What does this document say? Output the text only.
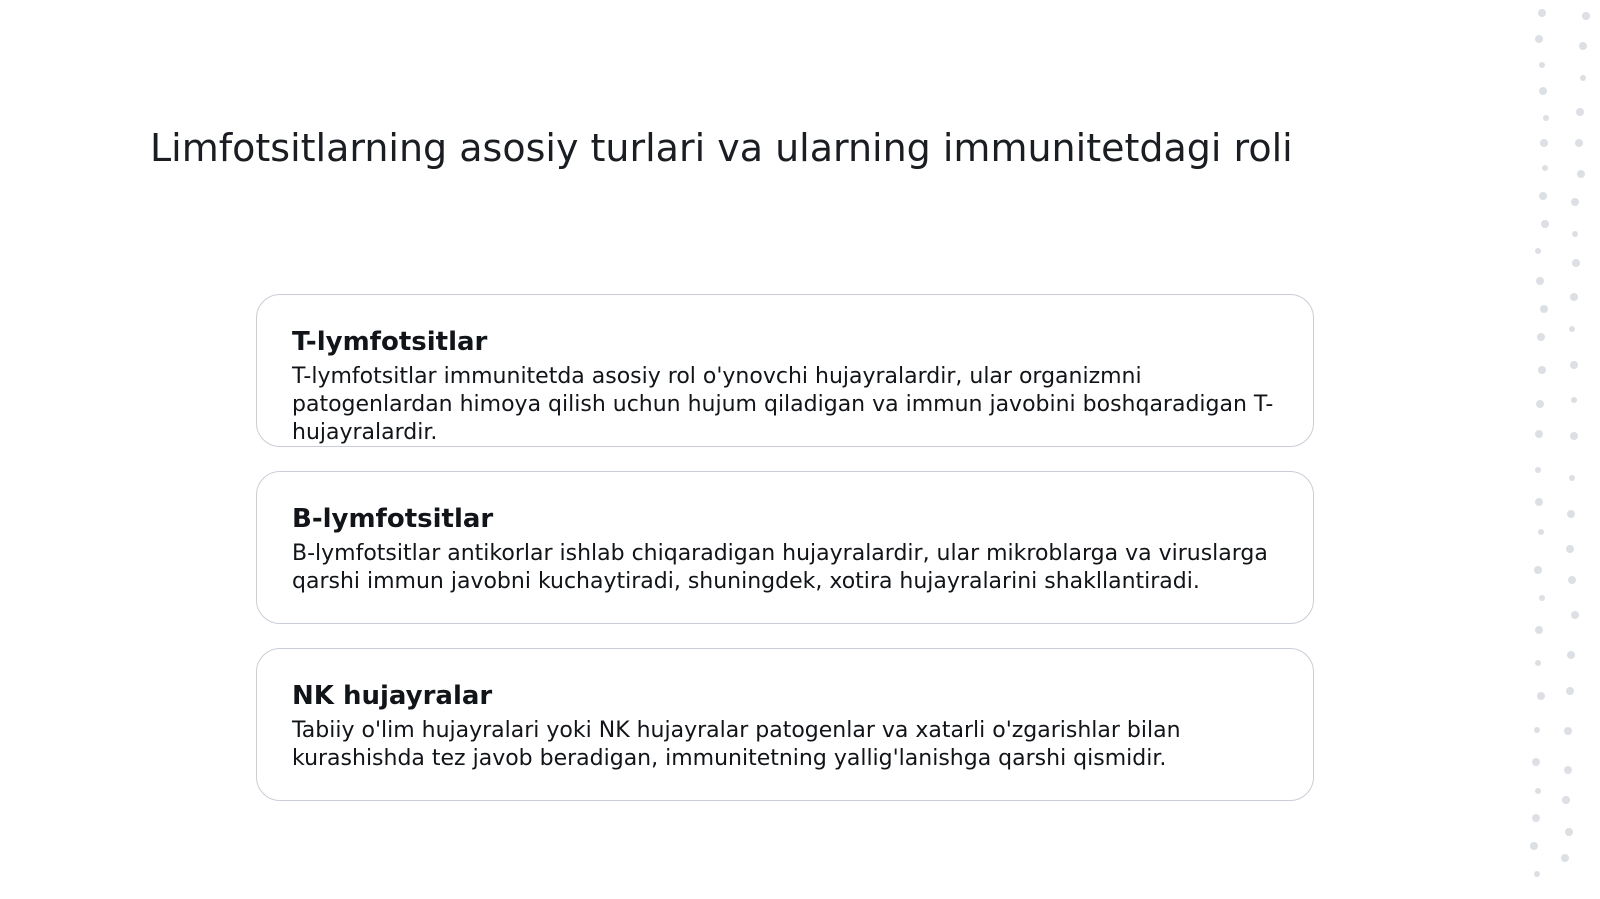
Limfotsitlarning asosiy turlari va ularning immunitetdagi roli
T-lymfotsitlar

T-lymfotsitlar immunitetda asosiy rol o'ynovchi hujayralardir, ular organizmni patogenlardan himoya qilish uchun hujum qiladigan va immun javobini boshqaradigan T-hujayralardir.

B-lymfotsitlar

B-lymfotsitlar antikorlar ishlab chiqaradigan hujayralardir, ular mikroblarga va viruslarga qarshi immun javobni kuchaytiradi, shuningdek, xotira hujayralarini shakllantiradi.

NK hujayralar

Tabiiy o'lim hujayralari yoki NK hujayralar patogenlar va xatarli o'zgarishlar bilan kurashishda tez javob beradigan, immunitetning yallig'lanishga qarshi qismidir.
